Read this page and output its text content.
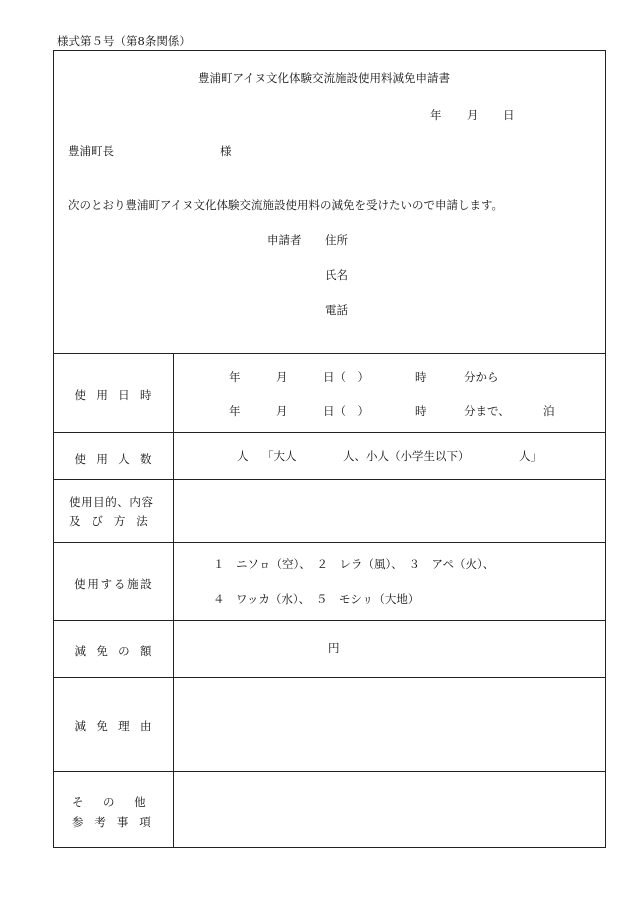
様式第５号（第8条関係）
豊浦町アイヌ文化体験交流施設使用料減免申請書
年 月 日
豊浦町長	様
次のとおり豊浦町アイヌ文化体験交流施設使用料の減免を受けたいので申請します。
申請者 住所
氏名
電話
使用日時
年	月	日（　）	時	分から
年	月	日（　）	時	分まで、	泊
使用人数	人 「大人	人、小人（小学生以下）	人」
使用目的、内容
及び方法
使用する施設
１　ニソㇿ（空）、　２　レラ（風）、　３　アペ（火）、
４　ワッカ（水）、　５　モシㇼ（大地）
減免の額	円
減免理由
その他
参考事項
